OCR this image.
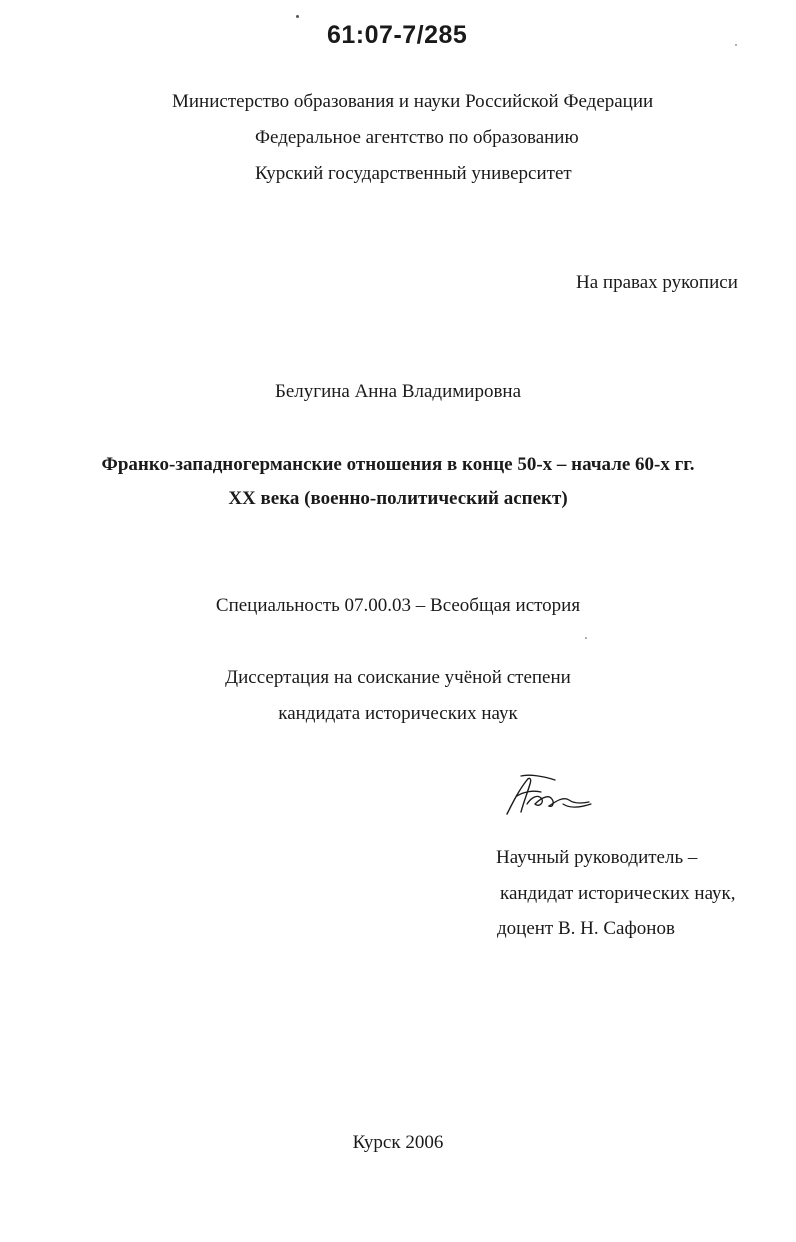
61:07-7/285
Министерство образования и науки Российской Федерации
Федеральное агентство по образованию
Курский государственный университет
На правах рукописи
Белугина Анна Владимировна
Франко-западногерманские отношения в конце 50-х – начале 60-х гг.
XX века (военно-политический аспект)
Специальность 07.00.03 – Всеобщая история
Диссертация на соискание учёной степени
кандидата исторических наук
Научный руководитель –
кандидат исторических наук,
доцент В. Н. Сафонов
Курск 2006
